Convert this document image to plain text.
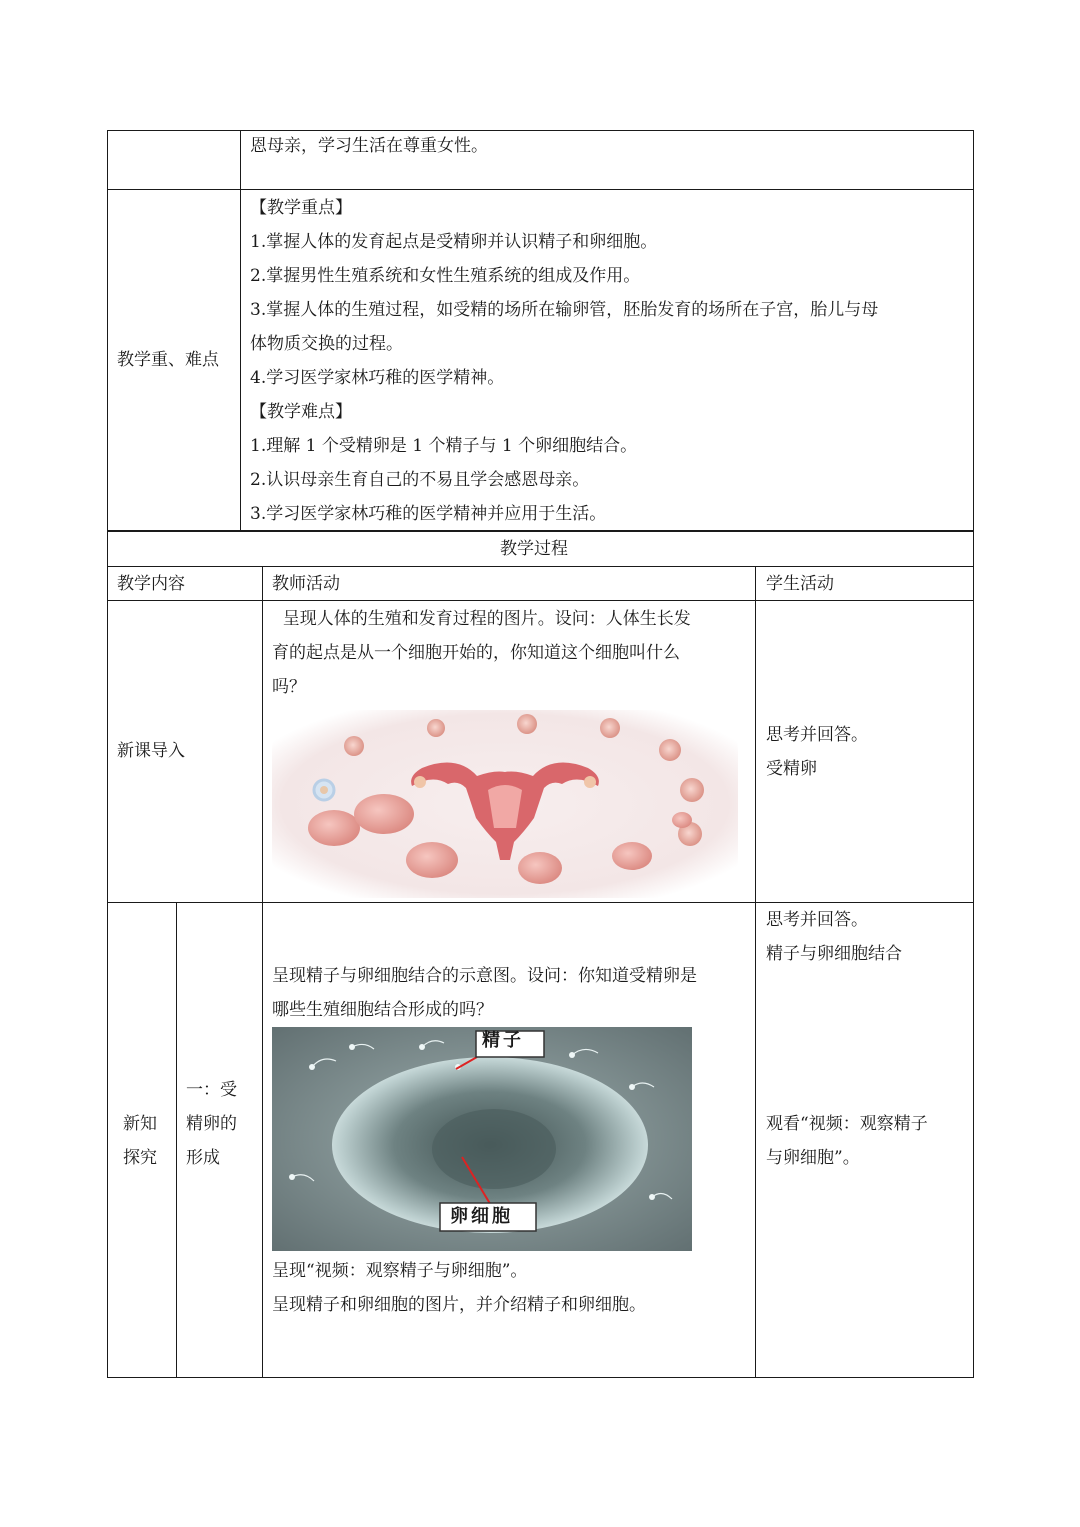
恩母亲，学习生活在尊重女性。
教学重、难点
【教学重点】
1.掌握人体的发育起点是受精卵并认识精子和卵细胞。
2.掌握男性生殖系统和女性生殖系统的组成及作用。
3.掌握人体的生殖过程，如受精的场所在输卵管，胚胎发育的场所在子宫，胎儿与母
体物质交换的过程。
4.学习医学家林巧稚的医学精神。
【教学难点】
1.理解 1 个受精卵是 1 个精子与 1 个卵细胞结合。
2.认识母亲生育自己的不易且学会感恩母亲。
3.学习医学家林巧稚的医学精神并应用于生活。
教学过程
教学内容	教师活动	学生活动
新课导入
呈现人体的生殖和发育过程的图片。设问：人体生长发
育的起点是从一个细胞开始的，你知道这个细胞叫什么
吗？
思考并回答。
受精卵
新知
探究
一：受
精卵的
形成
呈现精子与卵细胞结合的示意图。设问：你知道受精卵是
哪些生殖细胞结合形成的吗？
精子
卵细胞
呈现“视频：观察精子与卵细胞”。
呈现精子和卵细胞的图片，并介绍精子和卵细胞。
思考并回答。
精子与卵细胞结合
观看“视频：观察精子
与卵细胞”。
